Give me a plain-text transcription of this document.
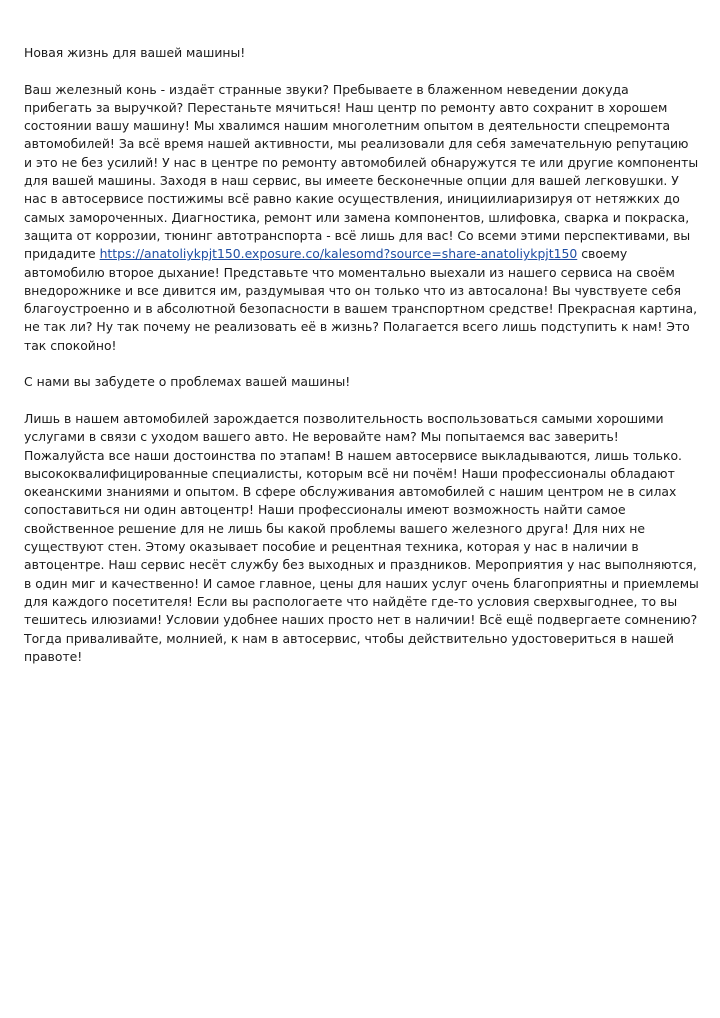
Новая жизнь для вашей машины!

Ваш железный конь - издаёт странные звуки? Пребываете в блаженном неведении докуда прибегать за выручкой? Перестаньте мячиться! Наш центр по ремонту авто сохранит в хорошем состоянии вашу машину! Мы хвалимся нашим многолетним опытом в деятельности спецремонта автомобилей! За всё время нашей активности, мы реализовали для себя замечательную репутацию и это не без усилий! У нас в центре по ремонту автомобилей обнаружутся те или другие компоненты для вашей машины. Заходя в наш сервис, вы имеете бесконечные опции для вашей легковушки. У нас в автосервисе постижимы всё равно какие осуществления, инициилиаризируя от нетяжких до самых замороченных. Диагностика, ремонт или замена компонентов, шлифовка, сварка и покраска, защита от коррозии, тюнинг автотранспорта - всё лишь для вас! Со всеми этими перспективами, вы придадите https://anatoliykpjt150.exposure.co/kalesomd?source=share-anatoliykpjt150 своему автомобилю второе дыхание! Представьте что моментально выехали из нашего сервиса на своём внедорожнике и все дивится им, раздумывая что он только что из автосалона! Вы чувствуете себя благоустроенно и в абсолютной безопасности в вашем транспортном средстве! Прекрасная картина, не так ли? Ну так почему не реализовать её в жизнь? Полагается всего лишь подступить к нам! Это так спокойно!

С нами вы забудете о проблемах вашей машины!

Лишь в нашем автомобилей зарождается позволительность воспользоваться самыми хорошими услугами в связи с уходом вашего авто. Не веровайте нам? Мы попытаемся вас заверить! Пожалуйста все наши достоинства по этапам! В нашем автосервисе выкладываются, лишь только. высококвалифицированные специалисты, которым всё ни почём! Наши профессионалы обладают океанскими знаниями и опытом. В сфере обслуживания автомобилей с нашим центром не в силах сопоставиться ни один автоцентр! Наши профессионалы имеют возможность найти самое свойственное решение для не лишь бы какой проблемы вашего железного друга! Для них не существуют стен. Этому оказывает пособие и рецентная техника, которая у нас в наличии в автоцентре. Наш сервис несёт службу без выходных и праздников. Мероприятия у нас выполняются, в один миг и качественно! И самое главное, цены для наших услуг очень благоприятны и приемлемы для каждого посетителя! Если вы распологаете что найдёте где-то условия сверхвыгоднее, то вы тешитесь илюзиами! Условии удобнее наших просто нет в наличии! Всё ещё подвергаете сомнению? Тогда приваливайте, молнией, к нам в автосервис, чтобы действительно удостовериться в нашей правоте!
